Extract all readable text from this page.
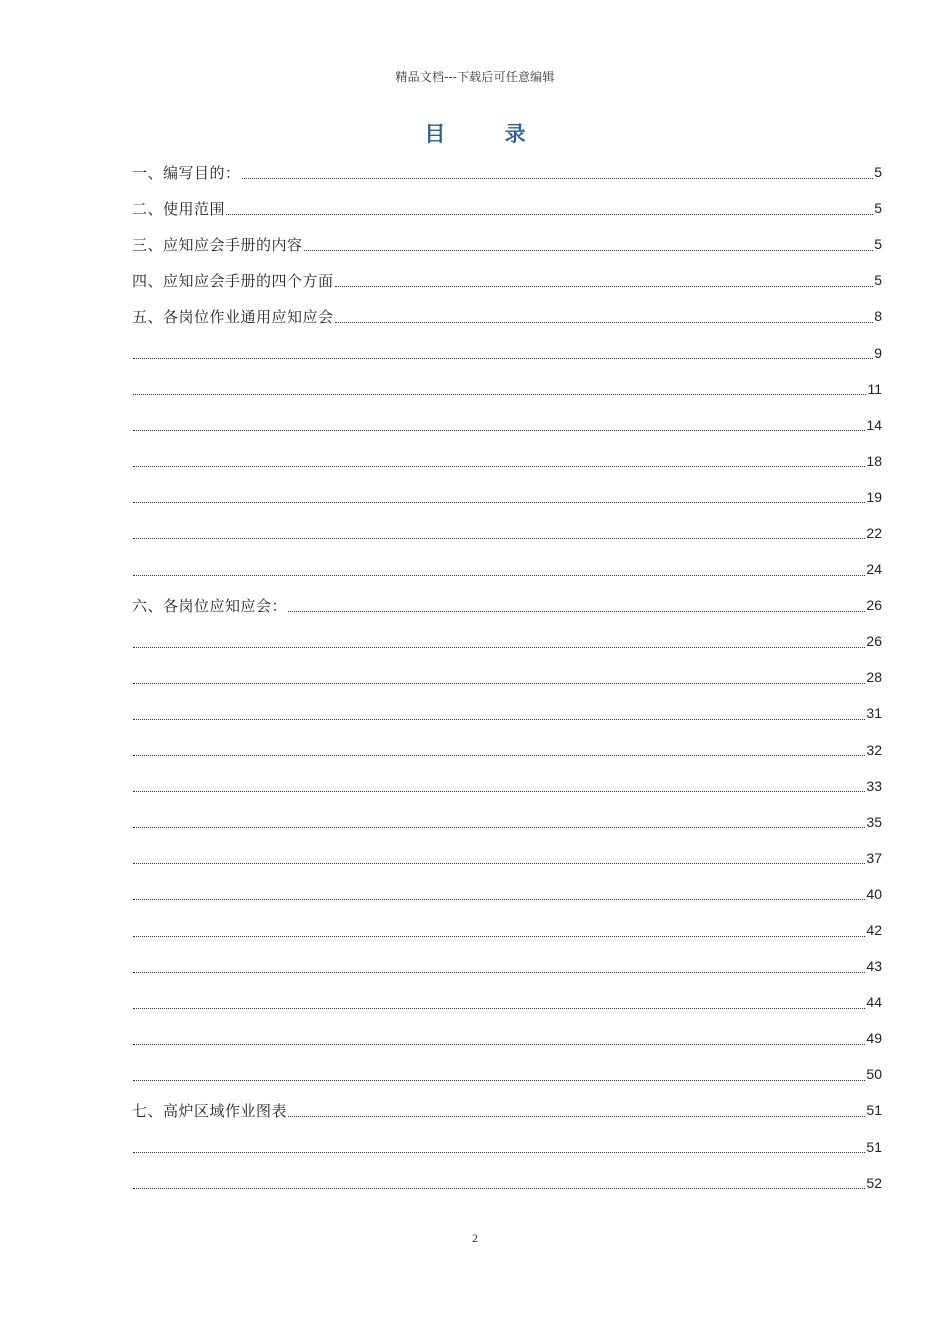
精品文档---下载后可任意编辑
目 录
一、编写目的：	5
二、使用范围	5
三、应知应会手册的内容	5
四、应知应会手册的四个方面	5
五、各岗位作业通用应知应会	8
9
11
14
18
19
22
24
六、各岗位应知应会：	26
26
28
31
32
33
35
37
40
42
43
44
49
50
七、高炉区域作业图表	51
51
52
2
